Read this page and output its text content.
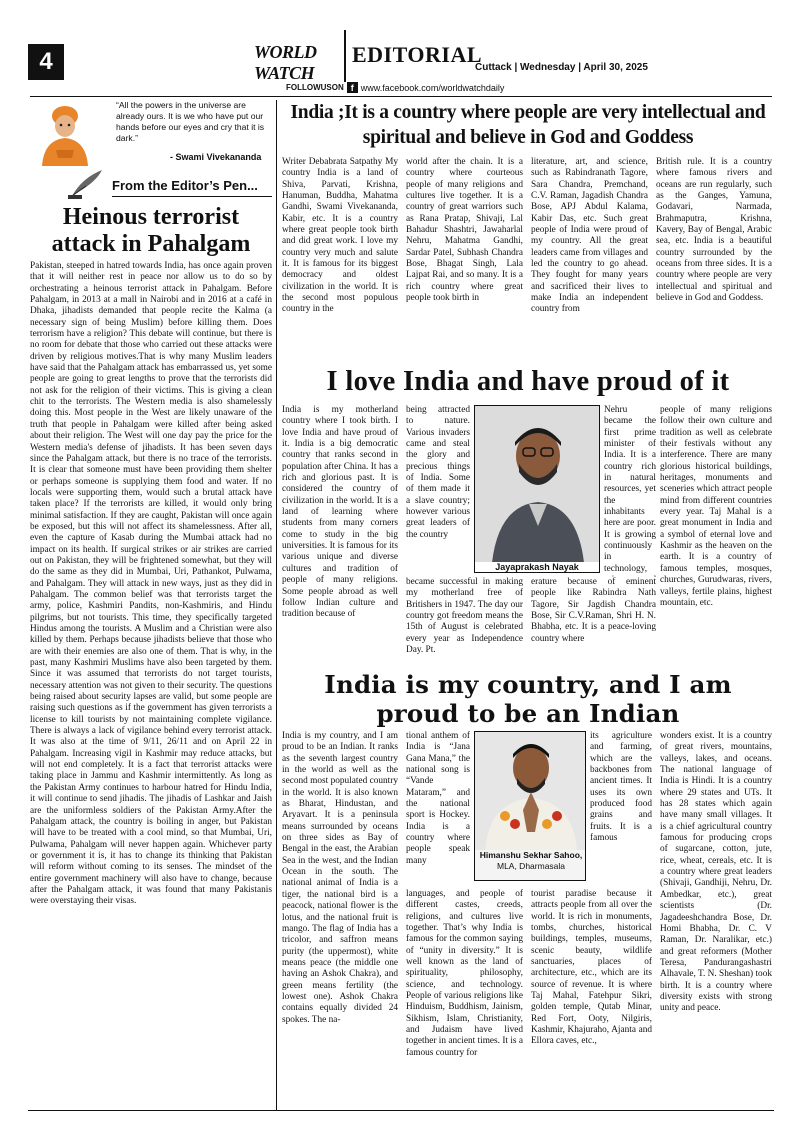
4	WORLD WATCH
EDITORIAL
Cuttack | Wednesday | April 30, 2025
FOLLOWUSON f www.facebook.com/worldwatchdaily
“All the powers in the universe are already ours. It is we who have put our hands before our eyes and cry that it is dark.”
- Swami Vivekananda
From the Editor’s Pen...
Heinous terrorist attack in Pahalgam
Pakistan, steeped in hatred towards India, has once again proven that it will neither rest in peace nor allow us to do so by orchestrating a heinous terrorist attack in Pahalgam. Before Pahalgam, in 2013 at a mall in Nairobi and in 2016 at a café in Dhaka, jihadists demanded that people recite the Kalma (a necessary sign of being Muslim) before killing them. Does terrorism have a religion? This debate will continue, but there is no room for debate that those who carried out these attacks were driven by religious motives.That is why many Muslim leaders have said that the Pahalgam attack has embarrassed us, yet some people are going to great lengths to prove that the terrorists did not ask for the religion of their victims. This is giving a clean chit to the terrorists. The Western media is also shamelessly doing this. Most people in the West are likely unaware of the truth that people in Pahalgam were killed after being asked about their religion. The West will one day pay the price for the Western media's defense of jihadists. It has been seven days since the Pahalgam attack, but there is no trace of the terrorists. It is clear that someone must have been providing them shelter or perhaps someone is supplying them food and water. If no locals were supporting them, would such a brutal attack have taken place? If the terrorists are killed, it would only bring minimal satisfaction. If they are caught, Pakistan will once again be exposed, but this will not affect its shamelessness. After all, even the capture of Kasab during the Mumbai attack had no impact on its health. If surgical strikes or air strikes are carried out on Pakistan, they will be frightened somewhat, but they will do the same as they did in Mumbai, Uri, Pathankot, Pulwama, and Pahalgam. They will attack in new ways, just as they did in Pahalgam. The common belief was that terrorists target the army, police, Kashmiri Pandits, non-Kashmiris, and Hindu pilgrims, but not tourists. This time, they specifically targeted Hindus among the tourists. A Muslim and a Christian were also killed by them. Perhaps because jihadists believe that those who are with their enemies are also one of them. That is why, in the past, many Kashmiri Muslims have also been targeted by them. Since it was assumed that terrorists do not target tourists, necessary attention was not given to their security. The questions being raised about security lapses are valid, but some people are raising such questions as if the government has given terrorists a license to kill tourists by not maintaining complete vigilance. There is always a lack of vigilance behind every terrorist attack. It was also at the time of 9/11, 26/11 and on April 22 in Pahalgam. Increasing vigil in Kashmir may reduce attacks, but will not end completely. It is a fact that terrorist attacks were taking place in Jammu and Kashmir intermittently. As long as the Pakistan Army continues to harbour hatred for Hindu India, it will continue to send jihadis. The jihadis of Lashkar and Jaish are the uniformless soldiers of the Pakistan Army.After the Pahalgam attack, the country is boiling in anger, but Pakistan will have to be treated with a cool mind, so that Mumbai, Uri, Pulwama, Pahalgam will never happen again. Whichever party or government it is, it has to change its thinking that Pakistan will reform without coming to its senses. The mindset of the entire government machinery will also have to change, because after the Pahalgam attack, it was found that many Pakistanis were overstaying their visas.
India ;It is a country where people are very intellectual and spiritual and believe in God and Goddess
Writer Debabrata Satpathy My country India is a land of Shiva, Parvati, Krishna, Hanuman, Buddha, Mahatma Gandhi, Swami Vivekananda, Kabir, etc. It is a country where great people took birth and did great work. I love my country very much and salute it. It is famous for its biggest democracy and oldest civilization in the world. It is the second most populous country in the
world after the chain. It is a country where courteous people of many religions and cultures live together. It is a country of great warriors such as Rana Pratap, Shivaji, Lal Bahadur Shashtri, Jawaharlal Nehru, Mahatma Gandhi, Sardar Patel, Subhash Chandra Bose, Bhagat Singh, Lala Lajpat Rai, and so many. It is a rich country where great people took birth in
literature, art, and science, such as Rabindranath Tagore, Sara Chandra, Premchand, C.V. Raman, Jagadish Chandra Bose, APJ Abdul Kalama, Kabir Das, etc. Such great people of India were proud of my country. All the great leaders came from villages and led the country to go ahead. They fought for many years and sacrificed their lives to make India an independent country from
British rule. It is a country where famous rivers and oceans are run regularly, such as the Ganges, Yamuna, Godavari, Narmada, Brahmaputra, Krishna, Kavery, Bay of Bengal, Arabic sea, etc. India is a beautiful country surrounded by the oceans from three sides. It is a country where people are very intellectual and spiritual and believe in God and Goddess.
I love India and have proud of it
India is my motherland country where I took birth. I love India and have proud of it. India is a big democratic country that ranks second in population after China. It has a rich and glorious past. It is considered the country of civilization in the world. It is a land of learning where students from many corners come to study in the big universities. It is famous for its various unique and diverse cultures and tradition of people of many religions. Some people abroad as well follow Indian culture and tradition because of
being attracted to nature. Various invaders came and steal the glory and precious things of India. Some of them made it a slave country; however various great leaders of the country
became successful in making my motherland free of Britishers in 1947. The day our country got freedom means the 15th of August is celebrated every year as Independence Day. Pt.
Jayaprakash Nayak
Nehru became the first prime minister of India. It is a country rich in natural resources, yet the inhabitants here are poor. It is growing continuously in technology,
erature because of eminent people like Rabindra Nath Tagore, Sir Jagdish Chandra Bose, Sir C.V.Raman, Shri H. N. Bhabha, etc. It is a peace-loving country where
people of many religions follow their own culture and tradition as well as celebrate their festivals without any interference. There are many glorious historical buildings, heritages, monuments and sceneries which attract people mind from different countries every year. Taj Mahal is a great monument in India and a symbol of eternal love and Kashmir as the heaven on the earth. It is a country of famous temples, mosques, churches, Gurudwaras, rivers, valleys, fertile plains, highest mountain, etc.
India is my country, and I am proud to be an Indian
India is my country, and I am proud to be an Indian. It ranks as the seventh largest country in the world as well as the second most populated country in the world. It is also known as Bharat, Hindustan, and Aryavart. It is a peninsula means surrounded by oceans on three sides as Bay of Bengal in the east, the Arabian Sea in the west, and the Indian Ocean in the south. The national animal of India is a tiger, the national bird is a peacock, national flower is the lotus, and the national fruit is mango. The flag of India has a tricolor, and saffron means purity (the uppermost), white means peace (the middle one having an Ashok Chakra), and green means fertility (the lowest one). Ashok Chakra contains equally divided 24 spokes. The na-
tional anthem of India is “Jana Gana Mana,” the national song is “Vande Mataram,” and the national sport is Hockey. India is a country where people speak many
languages, and people of different castes, creeds, religions, and cultures live together. That’s why India is famous for the common saying of “unity in diversity.” It is well known as the land of spirituality, philosophy, science, and technology. People of various religions like Hinduism, Buddhism, Jainism, Sikhism, Islam, Christianity, and Judaism have lived together in ancient times. It is a famous country for
Himanshu Sekhar Sahoo,
MLA, Dharmasala
its agriculture and farming, which are the backbones from ancient times. It uses its own produced food grains and fruits. It is a famous
tourist paradise because it attracts people from all over the world. It is rich in monuments, tombs, churches, historical buildings, temples, museums, scenic beauty, wildlife sanctuaries, places of architecture, etc., which are its source of revenue. It is where Taj Mahal, Fatehpur Sikri, golden temple, Qutab Minar, Red Fort, Ooty, Nilgiris, Kashmir, Khajuraho, Ajanta and Ellora caves, etc.,
wonders exist. It is a country of great rivers, mountains, valleys, lakes, and oceans. The national language of India is Hindi. It is a country where 29 states and UTs. It has 28 states which again have many small villages. It is a chief agricultural country famous for producing crops of sugarcane, cotton, jute, rice, wheat, cereals, etc. It is a country where great leaders (Shivaji, Gandhiji, Nehru, Dr. Ambedkar, etc.), great scientists (Dr. Jagadeeshchandra Bose, Dr. Homi Bhabha, Dr. C. V Raman, Dr. Naralikar, etc.) and great reformers (Mother Teresa, Pandurangashastri Alhavale, T. N. Sheshan) took birth. It is a country where diversity exists with strong unity and peace.
